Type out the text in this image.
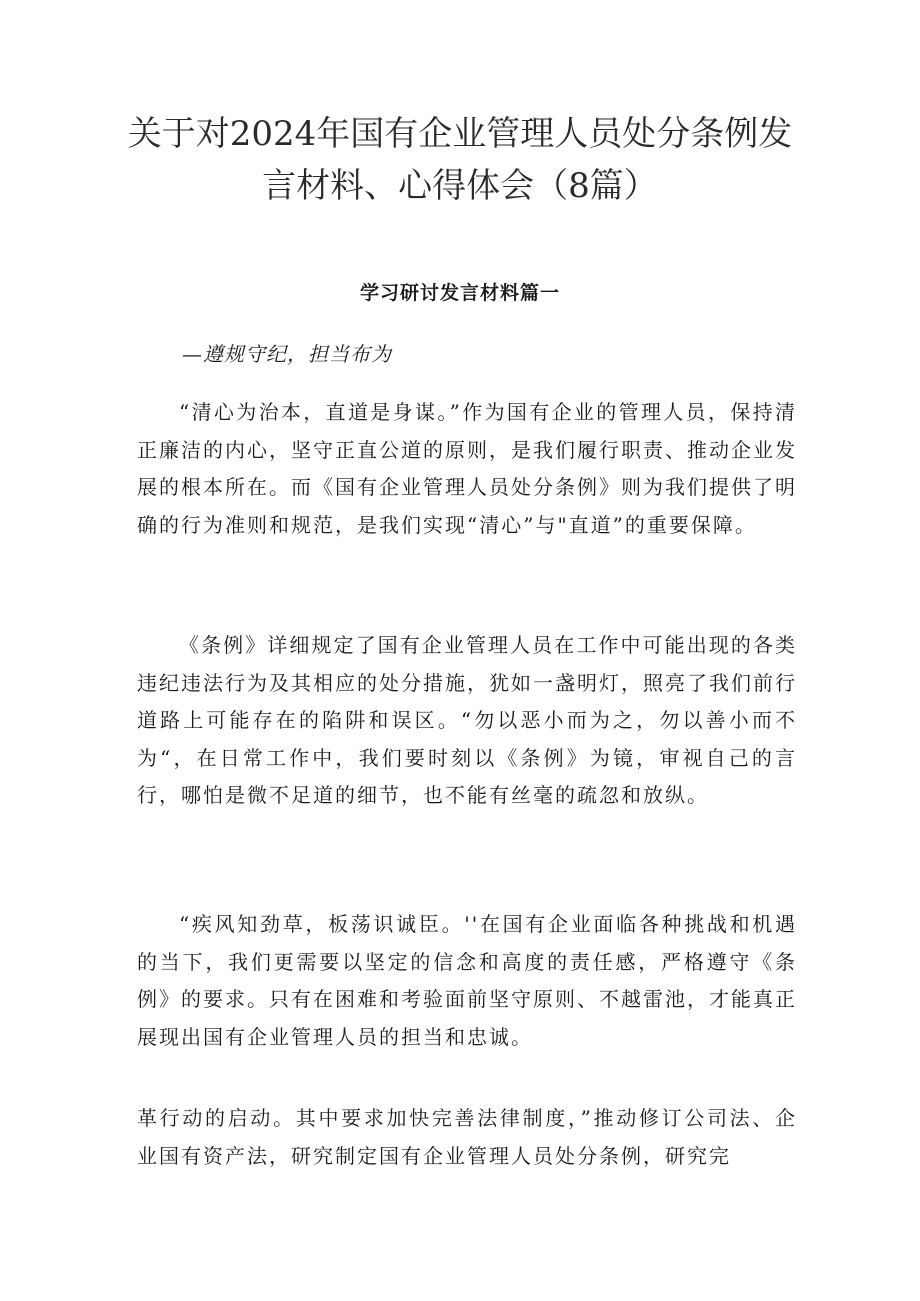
关于对2024年国有企业管理人员处分条例发
言材料、心得体会（8篇）
学习研讨发言材料篇一
—遵规守纪，担当布为

“清心为治本，直道是身谋。”作为国有企业的管理人员，保持清正廉洁的内心，坚守正直公道的原则，是我们履行职责、推动企业发展的根本所在。而《国有企业管理人员处分条例》则为我们提供了明确的行为准则和规范，是我们实现“清心”与"直道”的重要保障。

《条例》详细规定了国有企业管理人员在工作中可能出现的各类违纪违法行为及其相应的处分措施，犹如一盏明灯，照亮了我们前行道路上可能存在的陷阱和误区。“勿以恶小而为之，勿以善小而不为“，在日常工作中，我们要时刻以《条例》为镜，审视自己的言行，哪怕是微不足道的细节，也不能有丝毫的疏忽和放纵。

“疾风知劲草，板荡识诚臣。''在国有企业面临各种挑战和机遇的当下，我们更需要以坚定的信念和高度的责任感，严格遵守《条例》的要求。只有在困难和考验面前坚守原则、不越雷池，才能真正展现出国有企业管理人员的担当和忠诚。

革行动的启动。其中要求加快完善法律制度，”推动修订公司法、企业国有资产法，研究制定国有企业管理人员处分条例，研究完
